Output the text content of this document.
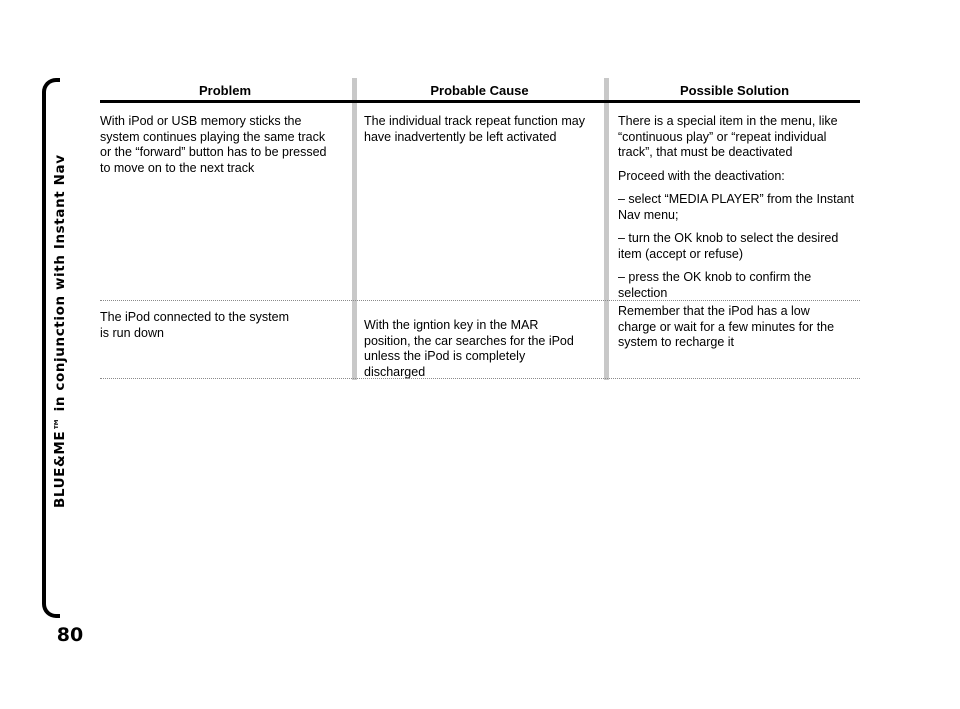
BLUE&ME™ in conjunction with Instant Nav
80
Problem	Probable Cause	Possible Solution
With iPod or USB memory sticks the
system continues playing the same track
or the “forward” button has to be pressed
to move on to the next track
The individual track repeat function may
have inadvertently be left activated
There is a special item in the menu, like
“continuous play” or “repeat individual
track”, that must be deactivated
Proceed with the deactivation:
– select “MEDIA PLAYER” from the Instant Nav menu;
– turn the OK knob to select the desired item (accept or refuse)
– press the OK knob to confirm the selection
The iPod connected to the system
is run down
With the igntion key in the MAR
position, the car searches for the iPod
unless the iPod is completely
discharged
Remember that the iPod has a low
charge or wait for a few minutes for the
system to recharge it
